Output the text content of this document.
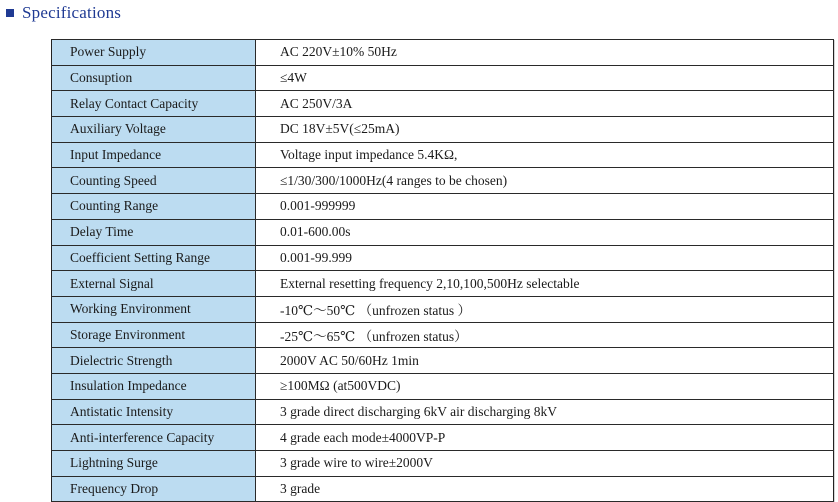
Specifications
Power Supply	AC 220V±10% 50Hz
Consuption	≤4W
Relay Contact Capacity	AC 250V/3A
Auxiliary Voltage	DC 18V±5V(≤25mA)
Input Impedance	Voltage input impedance 5.4KΩ,
Counting Speed	≤1/30/300/1000Hz(4 ranges to be chosen)
Counting Range	0.001-999999
Delay Time	0.01-600.00s
Coefficient Setting Range	0.001-99.999
External Signal	External resetting frequency 2,10,100,500Hz selectable
Working Environment	-10℃～50℃ （unfrozen status ）
Storage Environment	-25℃～65℃ （unfrozen status）
Dielectric Strength	2000V AC 50/60Hz 1min
Insulation Impedance	≥100MΩ (at500VDC)
Antistatic Intensity	3 grade direct discharging 6kV air discharging 8kV
Anti-interference Capacity	4 grade each mode±4000VP-P
Lightning Surge	3 grade wire to wire±2000V
Frequency Drop	3 grade
